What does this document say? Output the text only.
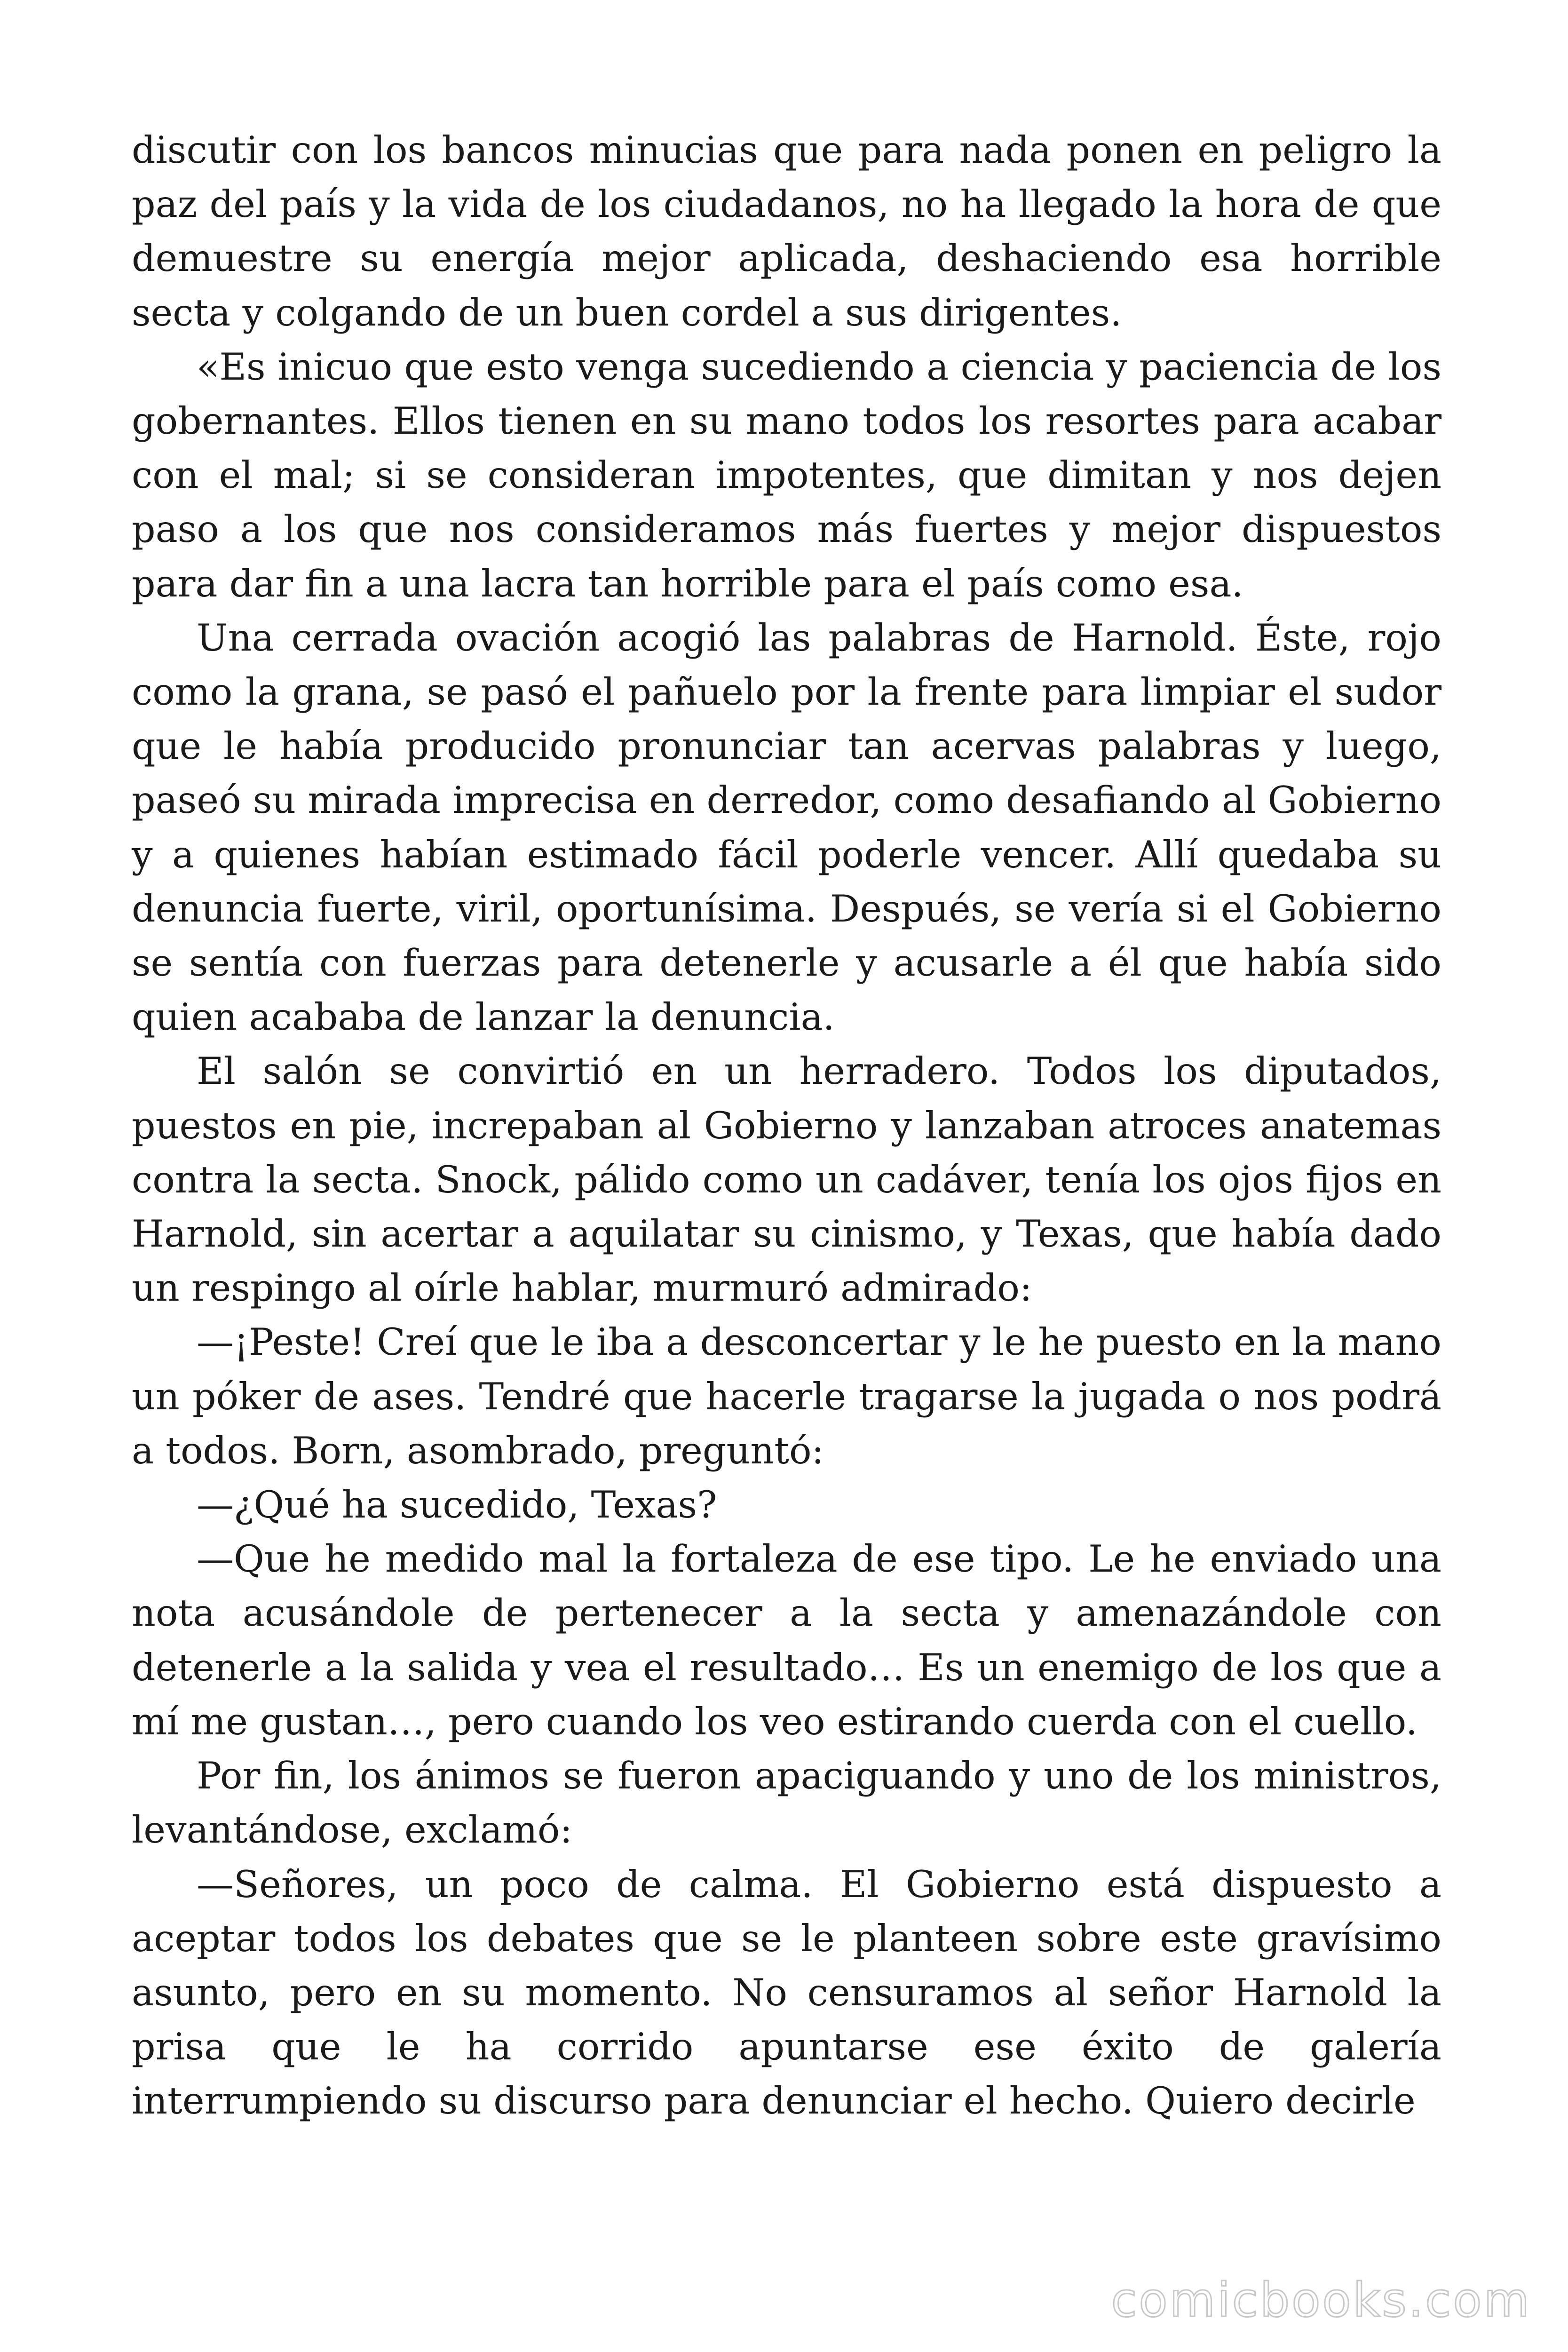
discutir con los bancos minucias que para nada ponen en peligro la paz del país y la vida de los ciudadanos, no ha llegado la hora de que demuestre su energía mejor aplicada, deshaciendo esa horrible secta y colgando de un buen cordel a sus dirigentes.

«Es inicuo que esto venga sucediendo a ciencia y paciencia de los gobernantes. Ellos tienen en su mano todos los resortes para acabar con el mal; si se consideran impotentes, que dimitan y nos dejen paso a los que nos consideramos más fuertes y mejor dispuestos para dar fin a una lacra tan horrible para el país como esa.

Una cerrada ovación acogió las palabras de Harnold. Éste, rojo como la grana, se pasó el pañuelo por la frente para limpiar el sudor que le había producido pronunciar tan acervas palabras y luego, paseó su mirada imprecisa en derredor, como desafiando al Gobierno y a quienes habían estimado fácil poderle vencer. Allí quedaba su denuncia fuerte, viril, oportunísima. Después, se vería si el Gobierno se sentía con fuerzas para detenerle y acusarle a él que había sido quien acababa de lanzar la denuncia.

El salón se convirtió en un herradero. Todos los diputados, puestos en pie, increpaban al Gobierno y lanzaban atroces anatemas contra la secta. Snock, pálido como un cadáver, tenía los ojos fijos en Harnold, sin acertar a aquilatar su cinismo, y Texas, que había dado un respingo al oírle hablar, murmuró admirado:

—¡Peste! Creí que le iba a desconcertar y le he puesto en la mano un póker de ases. Tendré que hacerle tragarse la jugada o nos podrá a todos. Born, asombrado, preguntó:

—¿Qué ha sucedido, Texas?

—Que he medido mal la fortaleza de ese tipo. Le he enviado una nota acusándole de pertenecer a la secta y amenazándole con detenerle a la salida y vea el resultado… Es un enemigo de los que a mí me gustan…, pero cuando los veo estirando cuerda con el cuello.

Por fin, los ánimos se fueron apaciguando y uno de los ministros, levantándose, exclamó:

—Señores, un poco de calma. El Gobierno está dispuesto a aceptar todos los debates que se le planteen sobre este gravísimo asunto, pero en su momento. No censuramos al señor Harnold la prisa que le ha corrido apuntarse ese éxito de galería interrumpiendo su discurso para denunciar el hecho. Quiero decirle

comicbooks.com
